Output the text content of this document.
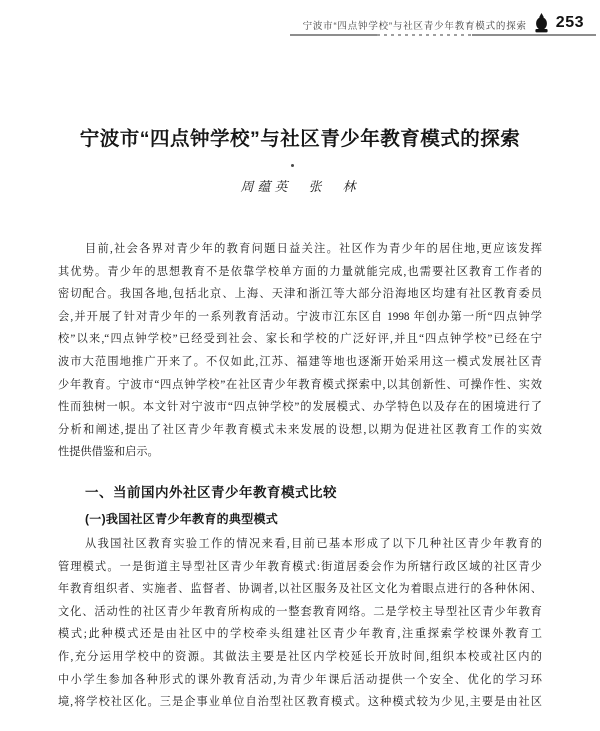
宁波市“四点钟学校”与社区青少年教育模式的探索 253
宁波市“四点钟学校”与社区青少年教育模式的探索
周蕴英　张　林
目前,社会各界对青少年的教育问题日益关注。社区作为青少年的居住地,更应该发挥
其优势。青少年的思想教育不是依靠学校单方面的力量就能完成,也需要社区教育工作者的
密切配合。我国各地,包括北京、上海、天津和浙江等大部分沿海地区均建有社区教育委员
会,并开展了针对青少年的一系列教育活动。宁波市江东区自 1998 年创办第一所“四点钟学
校”以来,“四点钟学校”已经受到社会、家长和学校的广泛好评,并且“四点钟学校”已经在宁
波市大范围地推广开来了。不仅如此,江苏、福建等地也逐渐开始采用这一模式发展社区青
少年教育。宁波市“四点钟学校”在社区青少年教育模式探索中,以其创新性、可操作性、实效
性而独树一帜。本文针对宁波市“四点钟学校”的发展模式、办学特色以及存在的困境进行了
分析和阐述,提出了社区青少年教育模式未来发展的设想,以期为促进社区教育工作的实效
性提供借鉴和启示。
一、当前国内外社区青少年教育模式比较
(一)我国社区青少年教育的典型模式
从我国社区教育实验工作的情况来看,目前已基本形成了以下几种社区青少年教育的
管理模式。一是街道主导型社区青少年教育模式:街道居委会作为所辖行政区域的社区青少
年教育组织者、实施者、监督者、协调者,以社区服务及社区文化为着眼点进行的各种休闲、
文化、活动性的社区青少年教育所构成的一整套教育网络。二是学校主导型社区青少年教育
模式;此种模式还是由社区中的学校牵头组建社区青少年教育,注重探索学校课外教育工
作,充分运用学校中的资源。其做法主要是社区内学校延长开放时间,组织本校或社区内的
中小学生参加各种形式的课外教育活动,为青少年课后活动提供一个安全、优化的学习环
境,将学校社区化。三是企事业单位自治型社区教育模式。这种模式较为少见,主要是由社区
